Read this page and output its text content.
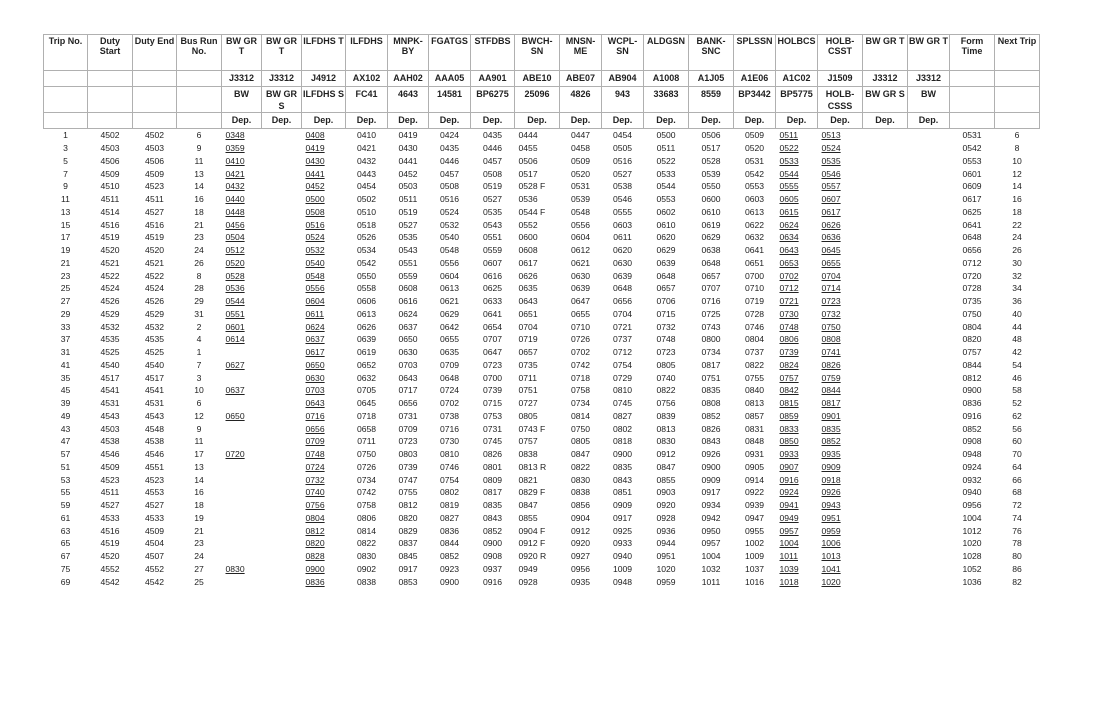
Trip No.	Duty Start	Duty End	Bus Run No.	BW GR T	BW GR T	ILFDHS T	ILFDHS	MNPK-BY	FGATGS	STFDBS	BWCH-SN	MNSN-ME	WCPL-SN	ALDGSN	BANK-SNC	SPLSSN	HOLBCS	HOLB-CSST	BW GR T	BW GR T	Form Time	Next Trip
				J3312	J3312	J4912	AX102	AAH02	AAA05	AA901	ABE10	ABE07	AB904	A1008	A1J05	A1E06	A1C02	J1509	J3312	J3312		
				BW	BW GR S	ILFDHS S	FC41	4643	14581	BP6275	25096	4826	943	33683	8559	BP3442	BP5775	HOLB-CSSS	BW GR S	BW		
				Dep.	Dep.	Dep.	Dep.	Dep.	Dep.	Dep.	Dep.	Dep.	Dep.	Dep.	Dep.	Dep.	Dep.	Dep.	Dep.	Dep.		
1	4502	4502	6	0348		0408	0410	0419	0424	0435	0444	0447	0454	0500	0506	0509	0511	0513			0531	6
3	4503	4503	9	0359		0419	0421	0430	0435	0446	0455	0458	0505	0511	0517	0520	0522	0524			0542	8
5	4506	4506	11	0410		0430	0432	0441	0446	0457	0506	0509	0516	0522	0528	0531	0533	0535			0553	10
7	4509	4509	13	0421		0441	0443	0452	0457	0508	0517	0520	0527	0533	0539	0542	0544	0546			0601	12
9	4510	4523	14	0432		0452	0454	0503	0508	0519	0528 F	0531	0538	0544	0550	0553	0555	0557			0609	14
11	4511	4511	16	0440		0500	0502	0511	0516	0527	0536	0539	0546	0553	0600	0603	0605	0607			0617	16
13	4514	4527	18	0448		0508	0510	0519	0524	0535	0544 F	0548	0555	0602	0610	0613	0615	0617			0625	18
15	4516	4516	21	0456		0516	0518	0527	0532	0543	0552	0556	0603	0610	0619	0622	0624	0626			0641	22
17	4519	4519	23	0504		0524	0526	0535	0540	0551	0600	0604	0611	0620	0629	0632	0634	0636			0648	24
19	4520	4520	24	0512		0532	0534	0543	0548	0559	0608	0612	0620	0629	0638	0641	0643	0645			0656	26
21	4521	4521	26	0520		0540	0542	0551	0556	0607	0617	0621	0630	0639	0648	0651	0653	0655			0712	30
23	4522	4522	8	0528		0548	0550	0559	0604	0616	0626	0630	0639	0648	0657	0700	0702	0704			0720	32
25	4524	4524	28	0536		0556	0558	0608	0613	0625	0635	0639	0648	0657	0707	0710	0712	0714			0728	34
27	4526	4526	29	0544		0604	0606	0616	0621	0633	0643	0647	0656	0706	0716	0719	0721	0723			0735	36
29	4529	4529	31	0551		0611	0613	0624	0629	0641	0651	0655	0704	0715	0725	0728	0730	0732			0750	40
33	4532	4532	2	0601		0624	0626	0637	0642	0654	0704	0710	0721	0732	0743	0746	0748	0750			0804	44
37	4535	4535	4	0614		0637	0639	0650	0655	0707	0719	0726	0737	0748	0800	0804	0806	0808			0820	48
31	4525	4525	1			0617	0619	0630	0635	0647	0657	0702	0712	0723	0734	0737	0739	0741			0757	42
41	4540	4540	7	0627		0650	0652	0703	0709	0723	0735	0742	0754	0805	0817	0822	0824	0826			0844	54
35	4517	4517	3			0630	0632	0643	0648	0700	0711	0718	0729	0740	0751	0755	0757	0759			0812	46
45	4541	4541	10	0637		0703	0705	0717	0724	0739	0751	0758	0810	0822	0835	0840	0842	0844			0900	58
39	4531	4531	6			0643	0645	0656	0702	0715	0727	0734	0745	0756	0808	0813	0815	0817			0836	52
49	4543	4543	12	0650		0716	0718	0731	0738	0753	0805	0814	0827	0839	0852	0857	0859	0901			0916	62
43	4503	4548	9			0656	0658	0709	0716	0731	0743 F	0750	0802	0813	0826	0831	0833	0835			0852	56
47	4538	4538	11			0709	0711	0723	0730	0745	0757	0805	0818	0830	0843	0848	0850	0852			0908	60
57	4546	4546	17	0720		0748	0750	0803	0810	0826	0838	0847	0900	0912	0926	0931	0933	0935			0948	70
51	4509	4551	13			0724	0726	0739	0746	0801	0813 R	0822	0835	0847	0900	0905	0907	0909			0924	64
53	4523	4523	14			0732	0734	0747	0754	0809	0821	0830	0843	0855	0909	0914	0916	0918			0932	66
55	4511	4553	16			0740	0742	0755	0802	0817	0829 F	0838	0851	0903	0917	0922	0924	0926			0940	68
59	4527	4527	18			0756	0758	0812	0819	0835	0847	0856	0909	0920	0934	0939	0941	0943			0956	72
61	4533	4533	19			0804	0806	0820	0827	0843	0855	0904	0917	0928	0942	0947	0949	0951			1004	74
63	4516	4509	21			0812	0814	0829	0836	0852	0904 F	0912	0925	0936	0950	0955	0957	0959			1012	76
65	4519	4504	23			0820	0822	0837	0844	0900	0912 F	0920	0933	0944	0957	1002	1004	1006			1020	78
67	4520	4507	24			0828	0830	0845	0852	0908	0920 R	0927	0940	0951	1004	1009	1011	1013			1028	80
75	4552	4552	27	0830		0900	0902	0917	0923	0937	0949	0956	1009	1020	1032	1037	1039	1041			1052	86
69	4542	4542	25			0836	0838	0853	0900	0916	0928	0935	0948	0959	1011	1016	1018	1020			1036	82
